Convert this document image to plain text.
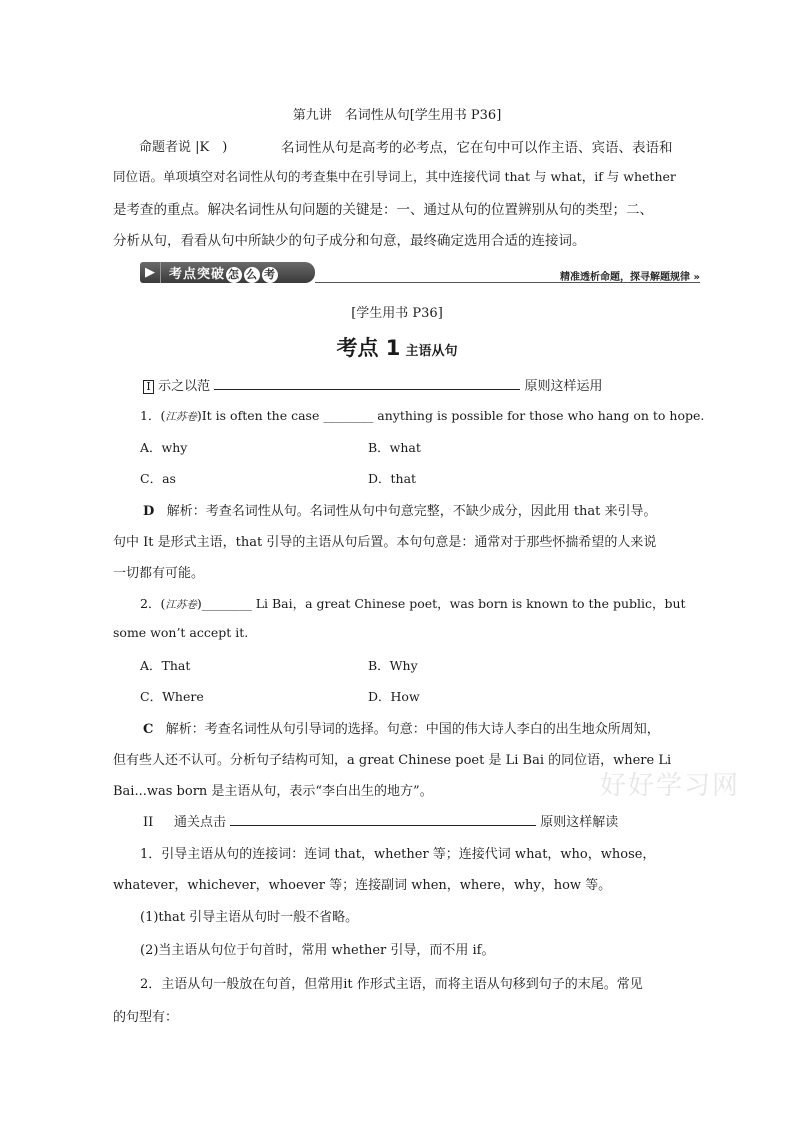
第九讲　名词性从句[学生用书 P36]
命题者说 |K　)	名词性从句是高考的必考点，它在句中可以作主语、宾语、表语和
同位语。单项填空对名词性从句的考查集中在引导词上，其中连接代词 that 与 what，if 与 whether
是考查的重点。解决名词性从句问题的关键是：一、通过从句的位置辨别从句的类型；二、
分析从句，看看从句中所缺少的句子成分和句意，最终确定选用合适的连接词。
▶	考点突破 怎 么 考	精准透析命题，探寻解题规律 »
[学生用书 P36]
考点 1 主语从句
I 示之以范	原则这样运用
1．(江苏卷)It is often the case ________ anything is possible for those who hang on to hope.
A．why	B．what
C．as	D．that
D 解析：考查名词性从句。名词性从句中句意完整，不缺少成分，因此用 that 来引导。
句中 It 是形式主语，that 引导的主语从句后置。本句句意是：通常对于那些怀揣希望的人来说
一切都有可能。
2．(江苏卷)________ Li Bai，a great Chinese poet，was born is known to the public，but
some won’t accept it.
A．That	B．Why
C．Where	D．How
C 解析：考查名词性从句引导词的选择。句意：中国的伟大诗人李白的出生地众所周知，
但有些人还不认可。分析句子结构可知，a great Chinese poet 是 Li Bai 的同位语，where Li
Bai...was born 是主语从句，表示“李白出生的地方”。	好好学习网
II 通关点击	原则这样解读
1．引导主语从句的连接词：连词 that，whether 等；连接代词 what，who，whose，
whatever，whichever，whoever 等；连接副词 when，where，why，how 等。
(1)that 引导主语从句时一般不省略。
(2)当主语从句位于句首时，常用 whether 引导，而不用 if。
2．主语从句一般放在句首，但常用it 作形式主语，而将主语从句移到句子的末尾。常见
的句型有：
